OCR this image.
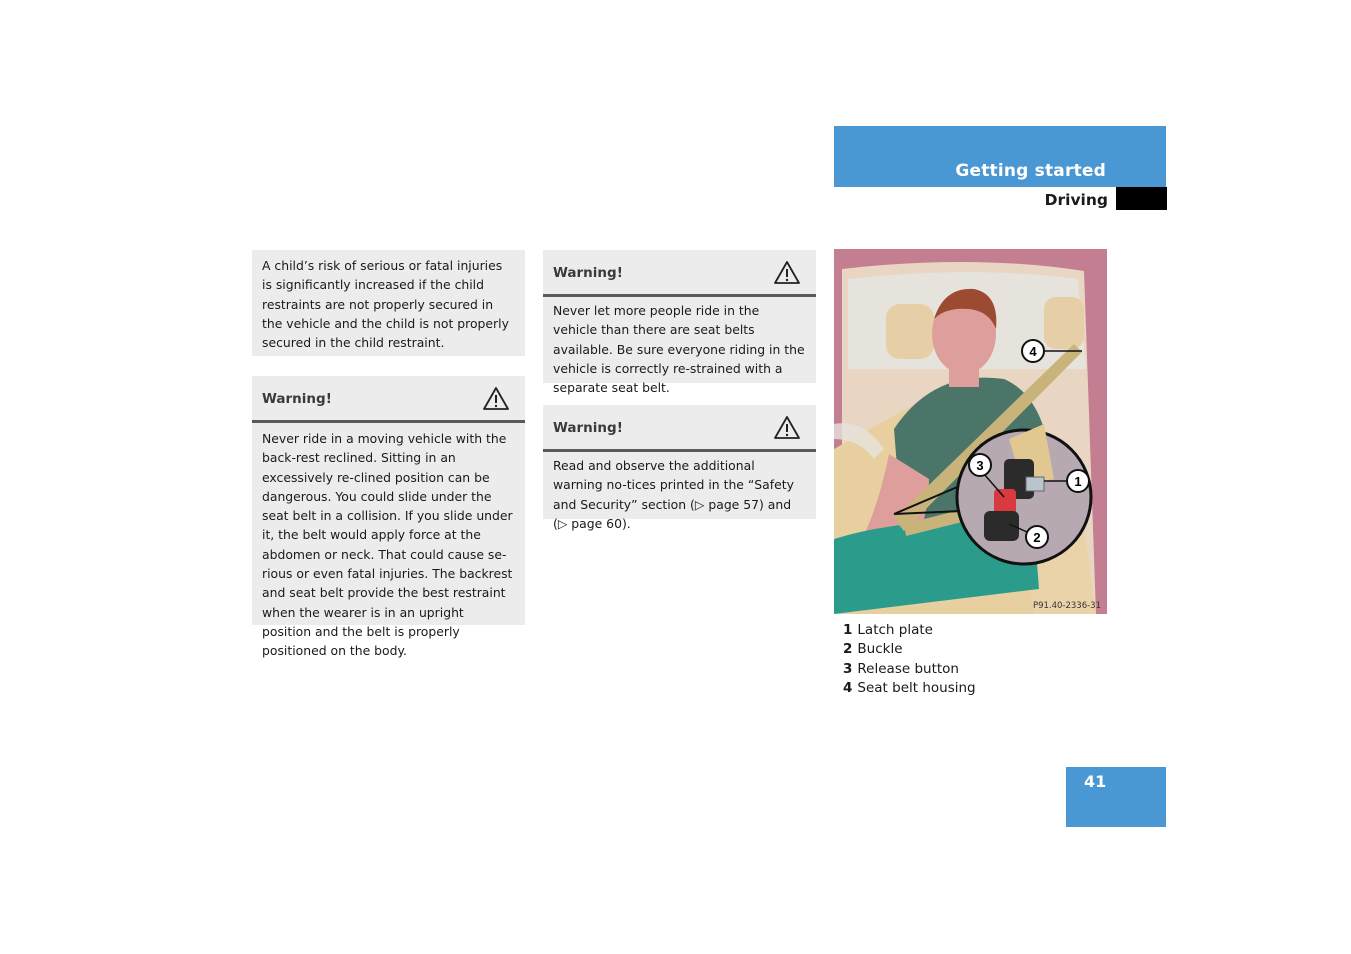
Getting started
Driving
A child’s risk of serious or fatal injuries is significantly increased if the child restraints are not properly secured in the vehicle and the child is not properly secured in the child restraint.
Warning!
Never ride in a moving vehicle with the back-rest reclined. Sitting in an excessively re-clined position can be dangerous. You could slide under the seat belt in a collision. If you slide under it, the belt would apply force at the abdomen or neck. That could cause se-rious or even fatal injuries. The backrest and seat belt provide the best restraint when the wearer is in an upright position and the belt is properly positioned on the body.
Warning!
Never let more people ride in the vehicle than there are seat belts available. Be sure everyone riding in the vehicle is correctly re-strained with a separate seat belt.
Warning!
Read and observe the additional warning no-tices printed in the “Safety and Security” section (▷ page 57) and (▷ page 60).
1
2
3
4
P91.40-2336-31
1 Latch plate
2 Buckle
3 Release button
4 Seat belt housing
41
